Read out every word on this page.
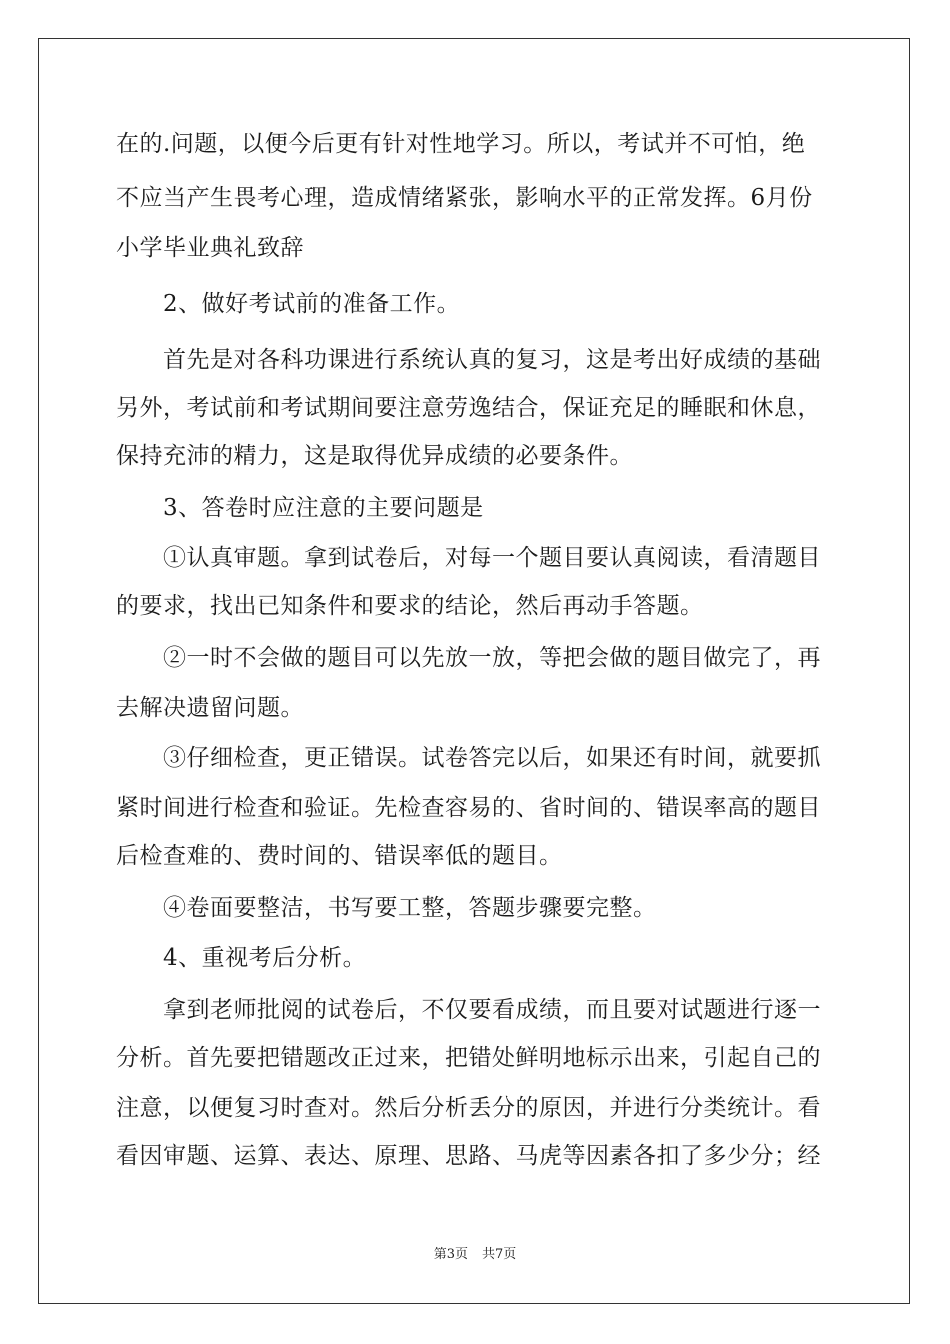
在的.问题，以便今后更有针对性地学习。所以，考试并不可怕，绝
不应当产生畏考心理，造成情绪紧张，影响水平的正常发挥。6月份
小学毕业典礼致辞
　　2、做好考试前的准备工作。
　　首先是对各科功课进行系统认真的复习，这是考出好成绩的基础
另外，考试前和考试期间要注意劳逸结合，保证充足的睡眠和休息，
保持充沛的精力，这是取得优异成绩的必要条件。
　　3、答卷时应注意的主要问题是
　　①认真审题。拿到试卷后，对每一个题目要认真阅读，看清题目
的要求，找出已知条件和要求的结论，然后再动手答题。
　　②一时不会做的题目可以先放一放，等把会做的题目做完了，再
去解决遗留问题。
　　③仔细检查，更正错误。试卷答完以后，如果还有时间，就要抓
紧时间进行检查和验证。先检查容易的、省时间的、错误率高的题目
后检查难的、费时间的、错误率低的题目。
　　④卷面要整洁，书写要工整，答题步骤要完整。
　　4、重视考后分析。
　　拿到老师批阅的试卷后，不仅要看成绩，而且要对试题进行逐一
分析。首先要把错题改正过来，把错处鲜明地标示出来，引起自己的
注意，以便复习时查对。然后分析丢分的原因，并进行分类统计。看
看因审题、运算、表达、原理、思路、马虎等因素各扣了多少分；经
第3页 共7页
